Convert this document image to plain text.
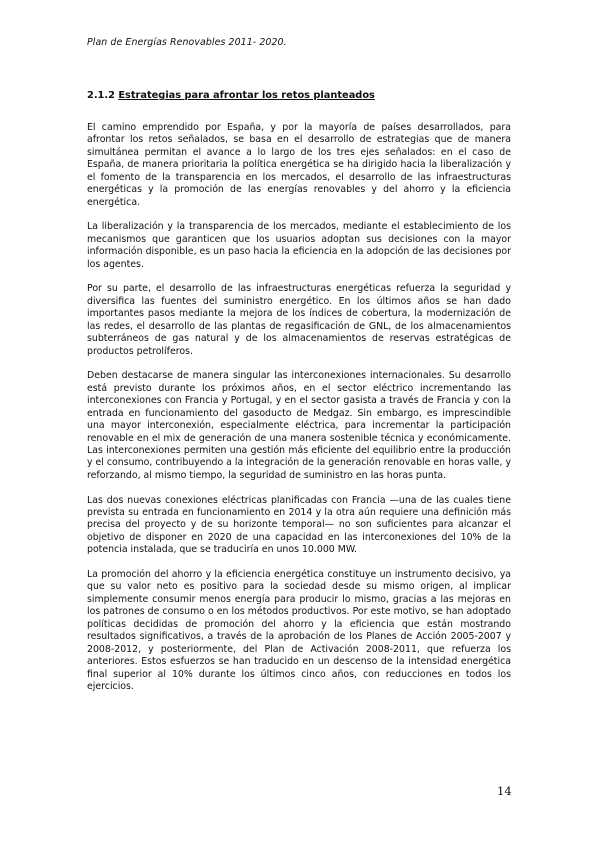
Plan de Energías Renovables 2011- 2020.
2.1.2 Estrategias para afrontar los retos planteados

El camino emprendido por España, y por la mayoría de países desarrollados, para afrontar los retos señalados, se basa en el desarrollo de estrategias que de manera simultánea permitan el avance a lo largo de los tres ejes señalados: en el caso de España, de manera prioritaria la política energética se ha dirigido hacia la liberalización y el fomento de la transparencia en los mercados, el desarrollo de las infraestructuras energéticas y la promoción de las energías renovables y del ahorro y la eficiencia energética.

La liberalización y la transparencia de los mercados, mediante el establecimiento de los mecanismos que garanticen que los usuarios adoptan sus decisiones con la mayor información disponible, es un paso hacia la eficiencia en la adopción de las decisiones por los agentes.

Por su parte, el desarrollo de las infraestructuras energéticas refuerza la seguridad y diversifica las fuentes del suministro energético. En los últimos años se han dado importantes pasos mediante la mejora de los índices de cobertura, la modernización de las redes, el desarrollo de las plantas de regasificación de GNL, de los almacenamientos subterráneos de gas natural y de los almacenamientos de reservas estratégicas de productos petrolíferos.

Deben destacarse de manera singular las interconexiones internacionales. Su desarrollo está previsto durante los próximos años, en el sector eléctrico incrementando las interconexiones con Francia y Portugal, y en el sector gasista a través de Francia y con la entrada en funcionamiento del gasoducto de Medgaz. Sin embargo, es imprescindible una mayor interconexión, especialmente eléctrica, para incrementar la participación renovable en el mix de generación de una manera sostenible técnica y económicamente. Las interconexiones permiten una gestión más eficiente del equilibrio entre la producción y el consumo, contribuyendo a la integración de la generación renovable en horas valle, y reforzando, al mismo tiempo, la seguridad de suministro en las horas punta.

Las dos nuevas conexiones eléctricas planificadas con Francia —una de las cuales tiene prevista su entrada en funcionamiento en 2014 y la otra aún requiere una definición más precisa del proyecto y de su horizonte temporal— no son suficientes para alcanzar el objetivo de disponer en 2020 de una capacidad en las interconexiones del 10% de la potencia instalada, que se traduciría en unos 10.000 MW.

La promoción del ahorro y la eficiencia energética constituye un instrumento decisivo, ya que su valor neto es positivo para la sociedad desde su mismo origen, al implicar simplemente consumir menos energía para producir lo mismo, gracias a las mejoras en los patrones de consumo o en los métodos productivos. Por este motivo, se han adoptado políticas decididas de promoción del ahorro y la eficiencia que están mostrando resultados significativos, a través de la aprobación de los Planes de Acción 2005-2007 y 2008-2012, y posteriormente, del Plan de Activación 2008-2011, que refuerza los anteriores. Estos esfuerzos se han traducido en un descenso de la intensidad energética final superior al 10% durante los últimos cinco años, con reducciones en todos los ejercicios.

14
